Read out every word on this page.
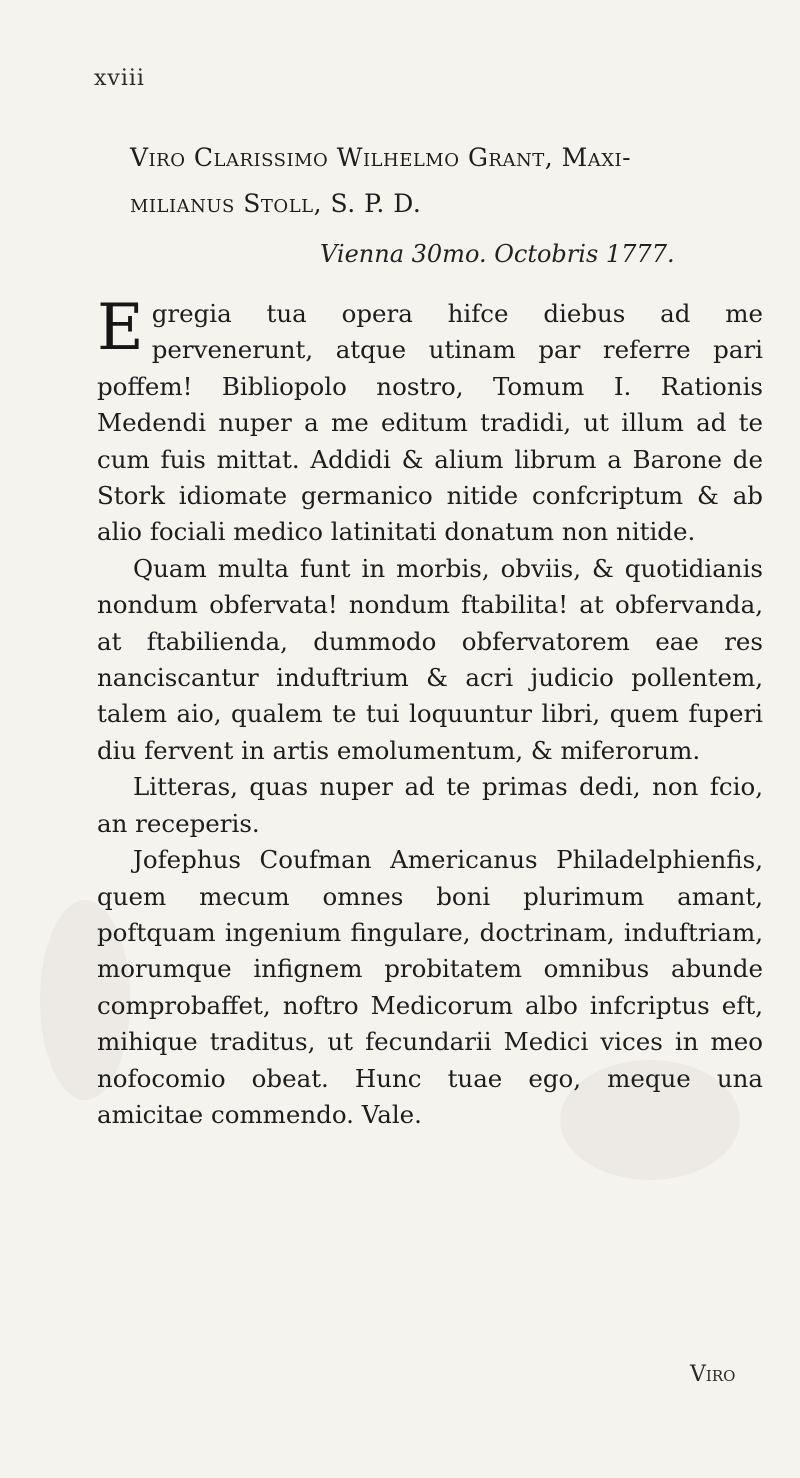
xviii
Viro Clarissimo Wilhelmo Grant, Maxi-
milianus Stoll, S. P. D.
Vienna 30mo. Octobris 1777.

Egregia tua opera hifce diebus ad me pervenerunt, atque utinam par referre pari poffem! Bibliopolo nostro, Tomum I. Rationis Medendi nuper a me editum tradidi, ut illum ad te cum fuis mittat. Addidi & alium librum a Barone de Stork idiomate germanico nitide confcriptum & ab alio fociali medico latinitati donatum non nitide.

Quam multa funt in morbis, obviis, & quotidianis nondum obfervata! nondum ftabilita! at obfervanda, at ftabilienda, dummodo obfervatorem eae res nanciscantur induftrium & acri judicio pollentem, talem aio, qualem te tui loquuntur libri, quem fuperi diu fervent in artis emolumentum, & miferorum.

Litteras, quas nuper ad te primas dedi, non fcio, an receperis.

Jofephus Coufman Americanus Philadelphienfis, quem mecum omnes boni plurimum amant, poftquam ingenium fingulare, doctrinam, induftriam, morumque infignem probitatem omnibus abunde comprobaffet, noftro Medicorum albo infcriptus eft, mihique traditus, ut fecundarii Medici vices in meo nofocomio obeat. Hunc tuae ego, meque una amicitae commendo. Vale.

Viro
